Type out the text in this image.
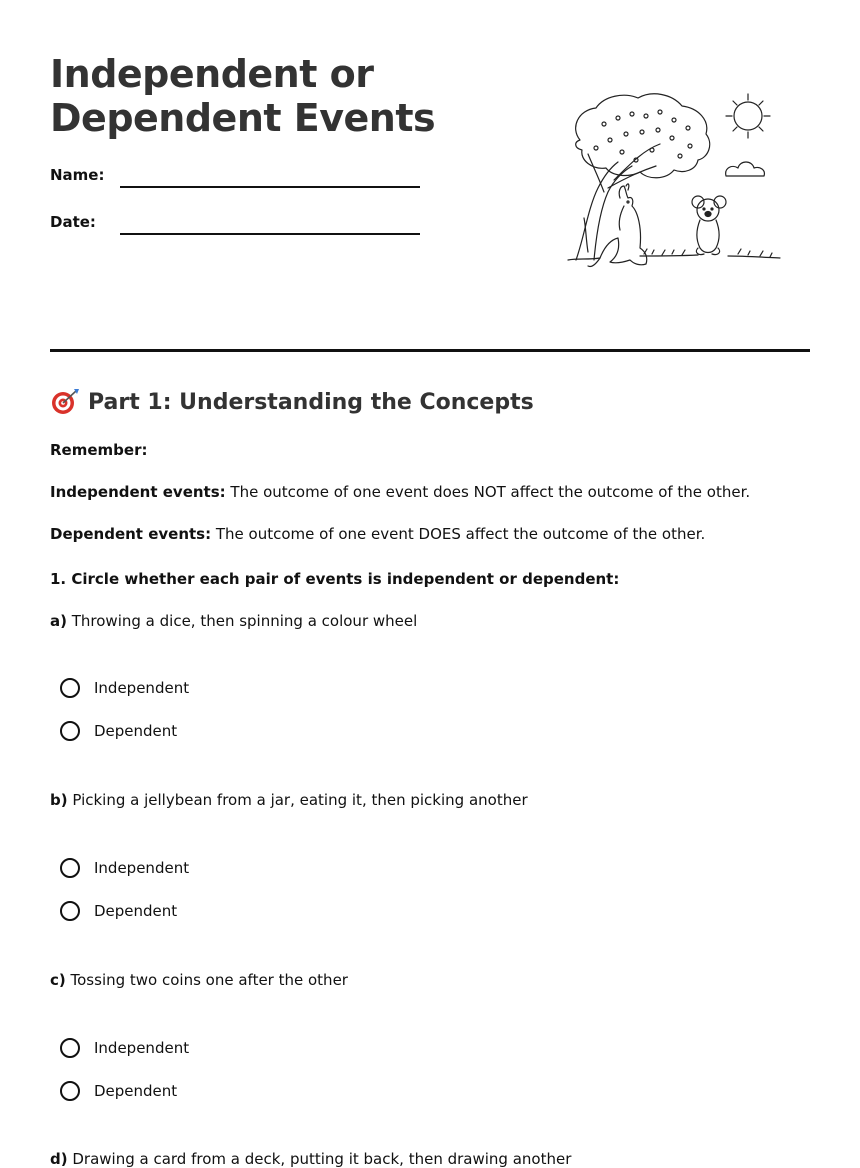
Independent or
Dependent Events
Name:
Date:
Part 1: Understanding the Concepts
Remember:
Independent events: The outcome of one event does NOT affect the outcome of the other.
Dependent events: The outcome of one event DOES affect the outcome of the other.
1. Circle whether each pair of events is independent or dependent:
a) Throwing a dice, then spinning a colour wheel
Independent
Dependent
b) Picking a jellybean from a jar, eating it, then picking another
Independent
Dependent
c) Tossing two coins one after the other
Independent
Dependent
d) Drawing a card from a deck, putting it back, then drawing another
